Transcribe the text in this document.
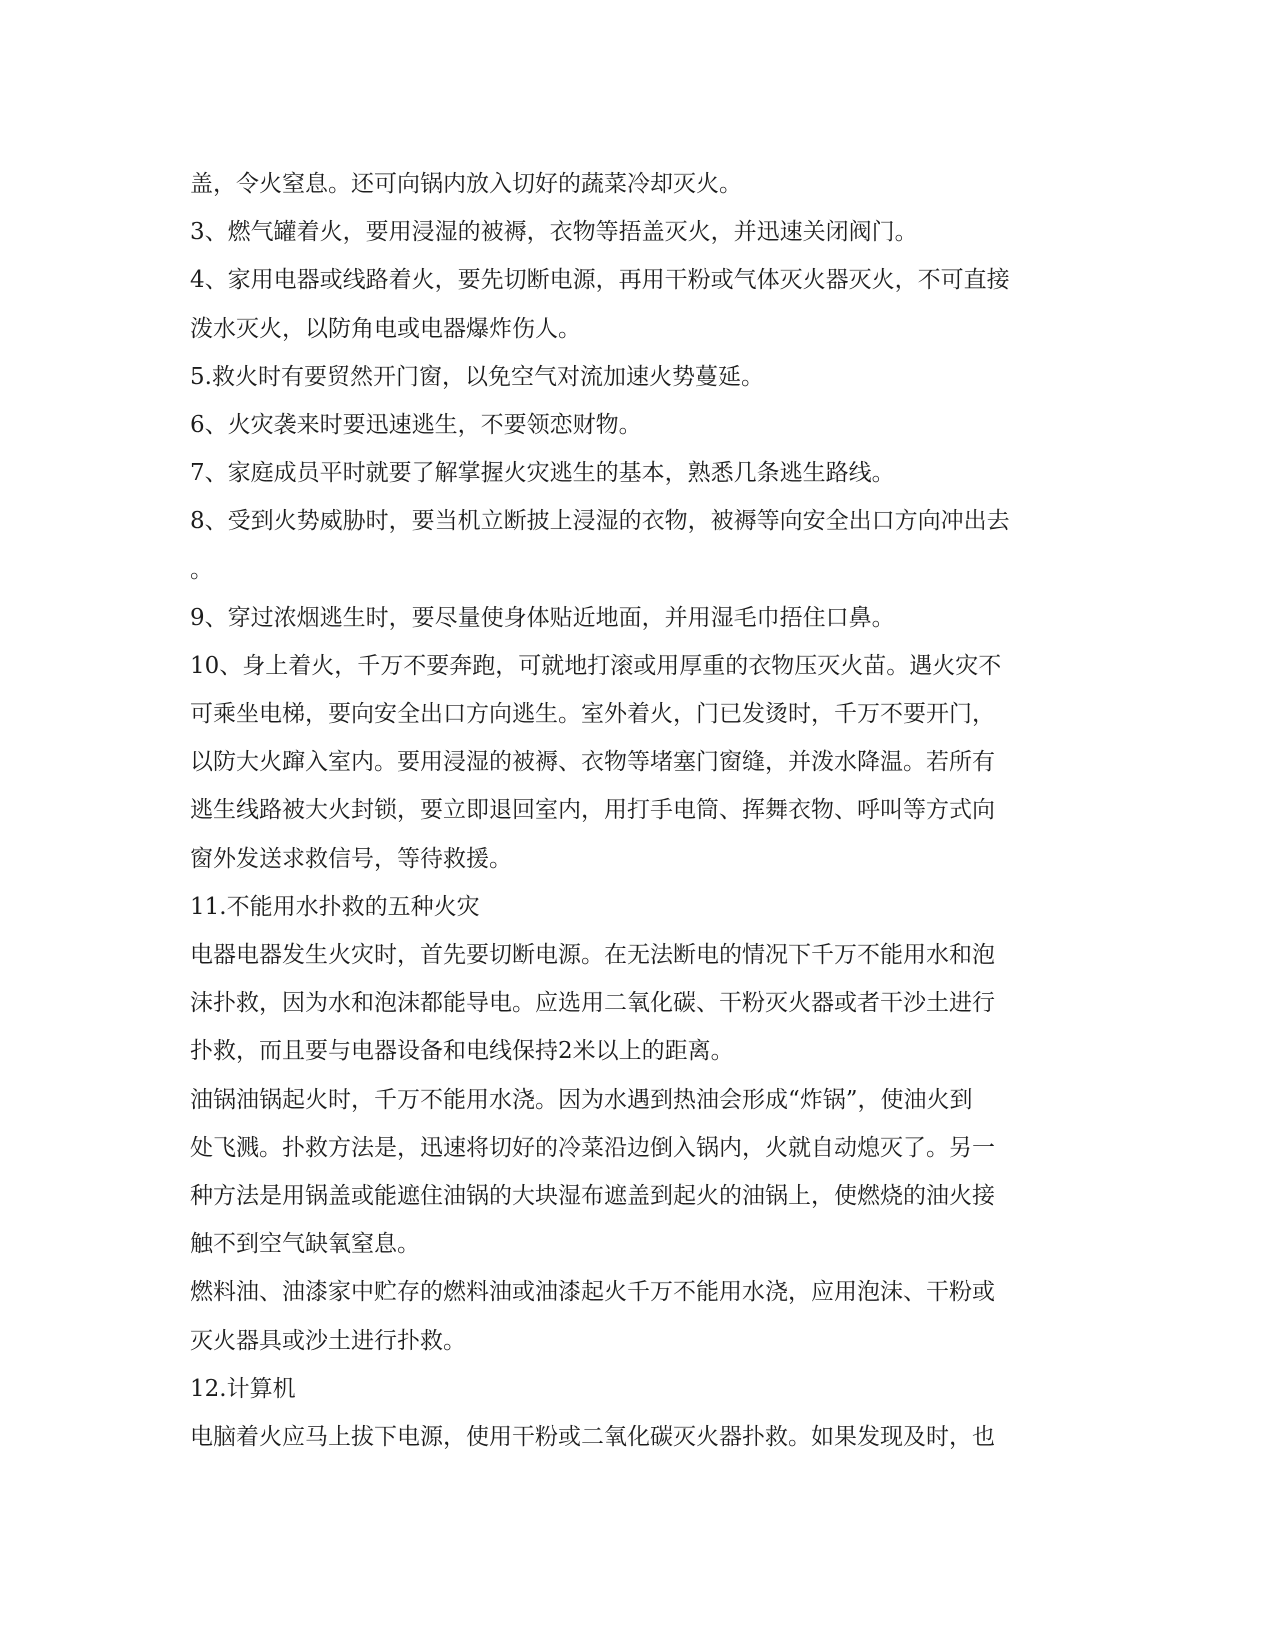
盖，令火窒息。还可向锅内放入切好的蔬菜冷却灭火。
3、燃气罐着火，要用浸湿的被褥，衣物等捂盖灭火，并迅速关闭阀门。
4、家用电器或线路着火，要先切断电源，再用干粉或气体灭火器灭火，不可直接
泼水灭火，以防角电或电器爆炸伤人。
5.救火时有要贸然开门窗，以免空气对流加速火势蔓延。
6、火灾袭来时要迅速逃生，不要领恋财物。
7、家庭成员平时就要了解掌握火灾逃生的基本，熟悉几条逃生路线。
8、受到火势威胁时，要当机立断披上浸湿的衣物，被褥等向安全出口方向冲出去
。
9、穿过浓烟逃生时，要尽量使身体贴近地面，并用湿毛巾捂住口鼻。
10、身上着火，千万不要奔跑，可就地打滚或用厚重的衣物压灭火苗。遇火灾不
可乘坐电梯，要向安全出口方向逃生。室外着火，门已发烫时，千万不要开门，
以防大火蹿入室内。要用浸湿的被褥、衣物等堵塞门窗缝，并泼水降温。若所有
逃生线路被大火封锁，要立即退回室内，用打手电筒、挥舞衣物、呼叫等方式向
窗外发送求救信号，等待救援。
11.不能用水扑救的五种火灾
电器电器发生火灾时，首先要切断电源。在无法断电的情况下千万不能用水和泡
沫扑救，因为水和泡沫都能导电。应选用二氧化碳、干粉灭火器或者干沙土进行
扑救，而且要与电器设备和电线保持2米以上的距离。
油锅油锅起火时，千万不能用水浇。因为水遇到热油会形成“炸锅”，使油火到
处飞溅。扑救方法是，迅速将切好的冷菜沿边倒入锅内，火就自动熄灭了。另一
种方法是用锅盖或能遮住油锅的大块湿布遮盖到起火的油锅上，使燃烧的油火接
触不到空气缺氧窒息。
燃料油、油漆家中贮存的燃料油或油漆起火千万不能用水浇，应用泡沫、干粉或
灭火器具或沙土进行扑救。
12.计算机
电脑着火应马上拔下电源，使用干粉或二氧化碳灭火器扑救。如果发现及时，也
